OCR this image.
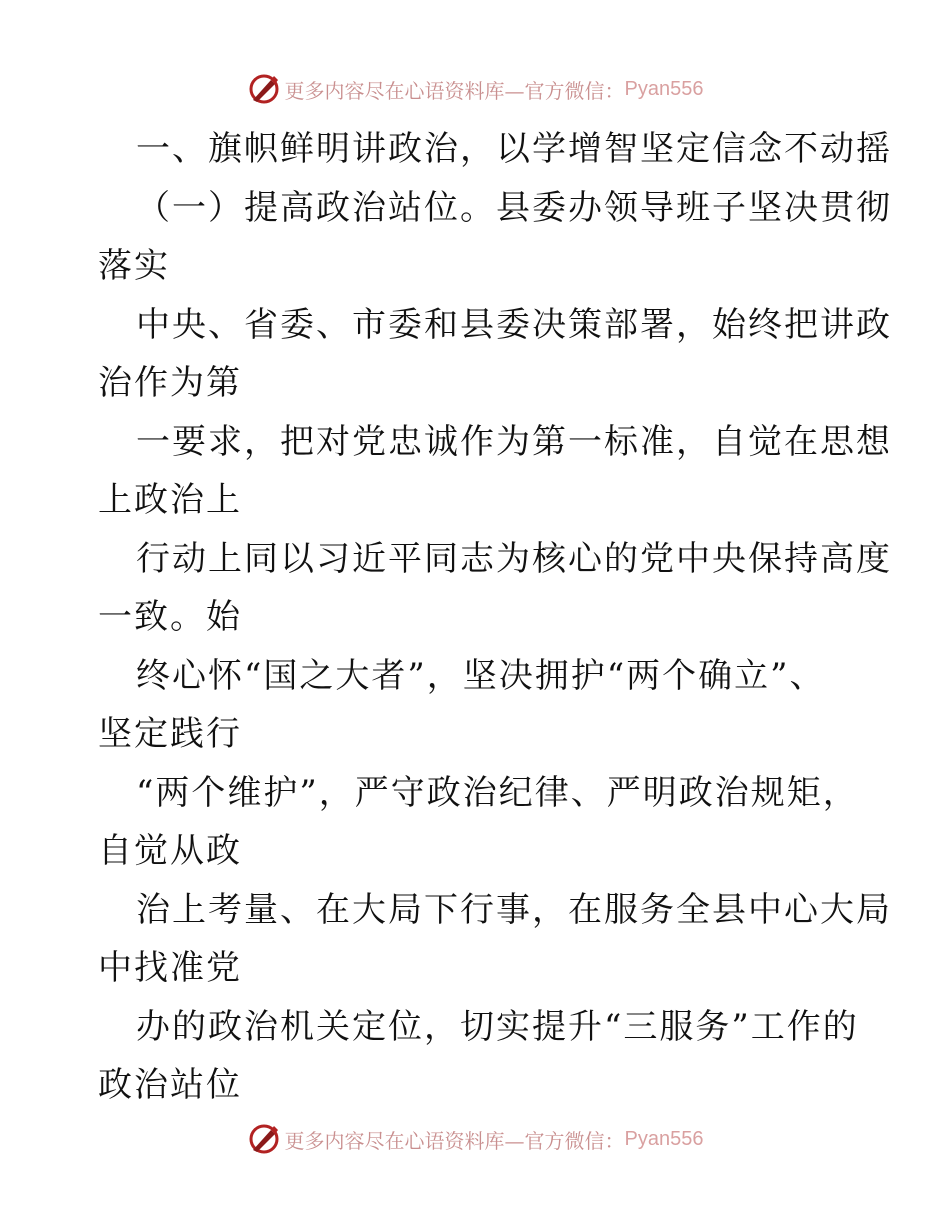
更多内容尽在心语资料库—官方微信： Pyan556
一、旗帜鲜明讲政治，以学增智坚定信念不动摇
（一）提高政治站位。县委办领导班子坚决贯彻
落实
中央、省委、市委和县委决策部署，始终把讲政
治作为第
一要求，把对党忠诚作为第一标准，自觉在思想
上政治上
行动上同以习近平同志为核心的党中央保持高度
一致。始
终心怀“国之大者”，坚决拥护“两个确立”、
坚定践行
“两个维护”，严守政治纪律、严明政治规矩，
自觉从政
治上考量、在大局下行事，在服务全县中心大局
中找准党
办的政治机关定位，切实提升“三服务”工作的
政治站位
更多内容尽在心语资料库—官方微信： Pyan556
